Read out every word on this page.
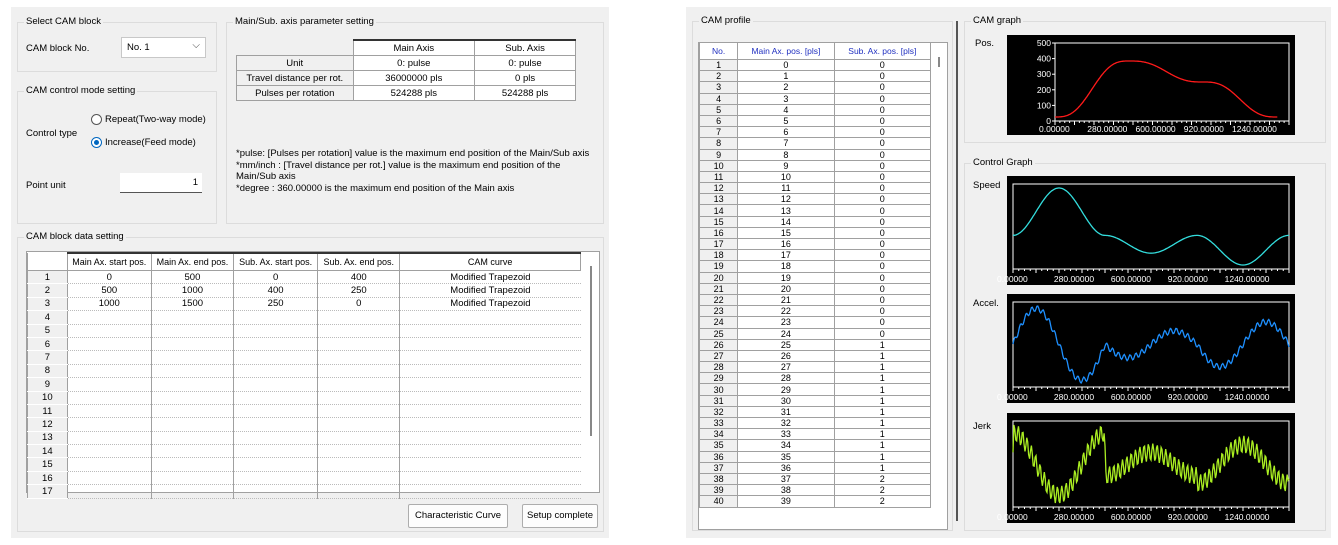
Select CAM block
CAM block No.	No. 1	⌵
CAM control mode setting
Control type
Repeat(Two-way mode)
Increase(Feed mode)
Point unit	1
Main/Sub. axis parameter setting
	Main Axis	Sub. Axis
Unit	0: pulse	0: pulse
Travel distance per rot.	36000000 pls	0 pls
Pulses per rotation	524288 pls	524288 pls
*pulse: [Pulses per rotation] value is the maximum end position of the Main/Sub axis
*mm/inch : [Travel distance per rot.] value is the maximum end position of the Main/Sub axis
*degree : 360.00000 is the maximum end position of the Main axis
CAM block data setting
	Main Ax. start pos.	Main Ax. end pos.	Sub. Ax. start pos.	Sub. Ax. end pos.	CAM curve
1	0	500	0	400	Modified Trapezoid
2	500	1000	400	250	Modified Trapezoid
3	1000	1500	250	0	Modified Trapezoid
4					
5					
6					
7					
8					
9					
10					
11					
12					
13					
14					
15					
16					
17					
Characteristic Curve	Setup complete
CAM profile
No.	Main Ax. pos. [pls]	Sub. Ax. pos. [pls]
1	0	0
2	1	0
3	2	0
4	3	0
5	4	0
6	5	0
7	6	0
8	7	0
9	8	0
10	9	0
11	10	0
12	11	0
13	12	0
14	13	0
15	14	0
16	15	0
17	16	0
18	17	0
19	18	0
20	19	0
21	20	0
22	21	0
23	22	0
24	23	0
25	24	0
26	25	1
27	26	1
28	27	1
29	28	1
30	29	1
31	30	1
32	31	1
33	32	1
34	33	1
35	34	1
36	35	1
37	36	1
38	37	2
39	38	2
40	39	2
CAM graph
Pos.
0.00000 280.00000 600.00000 920.00000 1240.00000
500
400
300
200
100
0
Control Graph
Speed
0.00000	280.00000 600.00000 920.00000 1240.00000
Accel.
0.00000	280.00000 600.00000 920.00000 1240.00000
Jerk
0.00000	280.00000 600.00000 920.00000 1240.00000
